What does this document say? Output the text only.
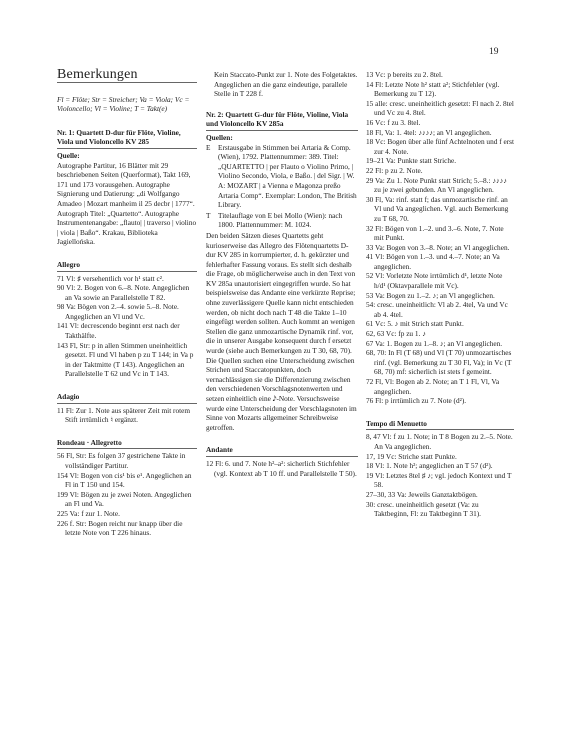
19
Bemerkungen

Fl = Flöte; Str = Streicher; Va = Viola; Vc = Violoncello; Vl = Violine; T = Takt(e)

Nr. 1: Quartett D-dur für Flöte, Violine, Viola und Violoncello KV 285
Quelle:

Autographe Partitur, 16 Blätter mit 29 beschriebenen Seiten (Querformat), Takt 169, 171 und 173 vorausgehen. Autographe Signierung und Datierung: „di Wolfgango Amadeo | Mozart manheim il 25 decbr | 1777“. Autograph Titel: „Quartetto“. Autographe Instrumentenangabe: „flauto| | traverso | violino | viola | Baßo“. Krakau, Biblioteka Jagiellońska.

Allegro

71 Vl: ♯ versehentlich vor h¹ statt c².

90 Vl: 2. Bogen von 6.–8. Note. Angeglichen an Va sowie an Parallelstelle T 82.

98 Va: Bögen von 2.–4. sowie 5.–8. Note. Angeglichen an Vl und Vc.

141 Vl: decrescendo beginnt erst nach der Takthälfte.

143 Fl, Str: p in allen Stimmen uneinheitlich gesetzt. Fl und Vl haben p zu T 144; in Va p in der Taktmitte (T 143). Angeglichen an Parallelstelle T 62 und Vc in T 143.

Adagio

11 Fl: Zur 1. Note aus späterer Zeit mit rotem Stift irrtümlich ♮ ergänzt.

Rondeau · Allegretto

56 Fl, Str: Es folgen 37 gestrichene Takte in vollständiger Partitur.

154 Vl: Bogen von cis¹ bis e¹. Angeglichen an Fl in T 150 und 154.

199 Vl: Bögen zu je zwei Noten. Angeglichen an Fl und Va.

225 Va: f zur 1. Note.

226 f. Str: Bogen reicht nur knapp über die letzte Note von T 226 hinaus.

Kein Staccato-Punkt zur 1. Note des Folgetaktes. Angeglichen an die ganz eindeutige, parallele Stelle in T 228 f.

Nr. 2: Quartett G-dur für Flöte, Violine, Viola und Violoncello KV 285a
Quellen:
E	Erstausgabe in Stimmen bei Artaria & Comp. (Wien), 1792. Plattennummer: 389. Titel: „QUARTETTO | per Flauto o Violino Primo, | Violino Secondo, Viola, e Baßo. | del Sigr. | W. A: MOZART | a Vienna e Magonza preßo Artaria Comp“. Exemplar: London, The British Library.
T	Titelauflage von E bei Mollo (Wien): nach 1800. Plattennummer: M. 1024.

Den beiden Sätzen dieses Quartetts geht kurioserweise das Allegro des Flötenquartetts D-dur KV 285 in korrumpierter, d. h. gekürzter und fehlerhafter Fassung voraus. Es stellt sich deshalb die Frage, ob möglicherweise auch in den Text von KV 285a unautorisiert eingegriffen wurde. So hat beispielsweise das Andante eine verkürzte Reprise; ohne zuverlässigere Quelle kann nicht entschieden werden, ob nicht doch nach T 48 die Takte 1–10 eingefügt werden sollten. Auch kommt an wenigen Stellen die ganz unmozartische Dynamik rinf. vor, die in unserer Ausgabe konsequent durch f ersetzt wurde (siehe auch Bemerkungen zu T 30, 68, 70). Die Quellen suchen eine Unterscheidung zwischen Strichen und Staccatopunkten, doch vernachlässigen sie die Differenzierung zwischen den verschiedenen Vorschlagsnotenwerten und setzen einheitlich eine 𝅘𝅥𝅯-Note. Versuchsweise wurde eine Unterscheidung der Vorschlagsnoten im Sinne von Mozarts allgemeiner Schreibweise getroffen.

Andante

12 Fl: 6. und 7. Note h²–a²: sicherlich Stichfehler (vgl. Kontext ab T 10 ff. und Parallelstelle T 50).

13 Vc: p bereits zu 2. 8tel.

14 Fl: Letzte Note h² statt a²; Stichfehler (vgl. Bemerkung zu T 12).

15 alle: cresc. uneinheitlich gesetzt: Fl nach 2. 8tel und Vc zu 4. 8tel.

16 Vc: f zu 3. 8tel.

18 Fl, Va: 1. 4tel: ♪♪♪♪; an Vl angeglichen.

18 Vc: Bogen über alle fünf Achtelnoten und f erst zur 4. Note.

19–21 Va: Punkte statt Striche.

22 Fl: p zu 2. Note.

29 Va: Zu 1. Note Punkt statt Strich; 5.–8.: ♪♪♪♪ zu je zwei gebunden. An Vl angeglichen.

30 Fl, Va: rinf. statt f; das unmozartische rinf. an Vl und Va angeglichen. Vgl. auch Bemerkung zu T 68, 70.

32 Fl: Bögen von 1.–2. und 3.–6. Note, 7. Note mit Punkt.

33 Va: Bogen von 3.–8. Note; an Vl angeglichen.

41 Vl: Bögen von 1.–3. und 4.–7. Note; an Va angeglichen.

52 Vl: Vorletzte Note irrtümlich d¹, letzte Note h/d¹ (Oktavparallele mit Vc).

53 Va: Bogen zu 1.–2. ♪; an Vl angeglichen.

54: cresc. uneinheitlich: Vl ab 2. 4tel, Va und Vc ab 4. 4tel.

61 Vc: 5. ♪ mit Strich statt Punkt.

62, 63 Vc: fp zu 1. ♪

67 Va: 1. Bogen zu 1.–8. ♪; an Vl angeglichen.

68, 70: In Fl (T 68) und Vl (T 70) unmozartisches rinf. (vgl. Bemerkung zu T 30 Fl, Va); in Vc (T 68, 70) mf: sicherlich ist stets f gemeint.

72 Fl, Vl: Bogen ab 2. Note; an T 1 Fl, Vl, Va angeglichen.

76 Fl: p irrtümlich zu 7. Note (d²).

Tempo di Menuetto

8, 47 Vl: f zu 1. Note; in T 8 Bogen zu 2.–5. Note. An Va angeglichen.

17, 19 Vc: Striche statt Punkte.

18 Vl: 1. Note h²; angeglichen an T 57 (d²).

19 Vl: Letztes 8tel ♯ ♪; vgl. jedoch Kontext und T 58.

27–30, 33 Va: Jeweils Ganztaktbögen.

30: cresc. uneinheitlich gesetzt (Va: zu Taktbeginn, Fl: zu Taktbeginn T 31).
